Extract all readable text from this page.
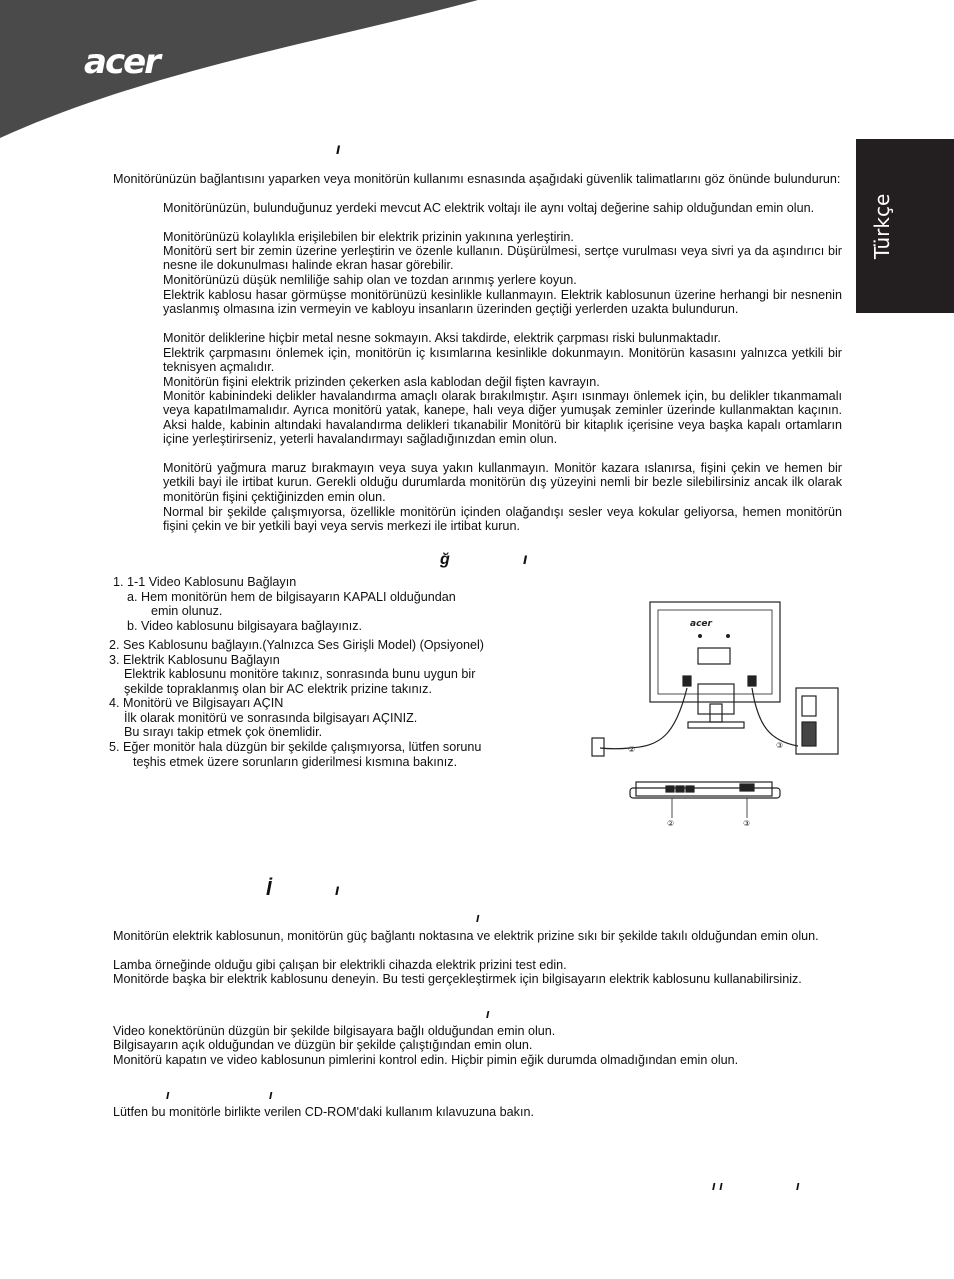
acer
ı
Türkçe

Monitörünüzün bağlantısını yaparken veya monitörün kullanımı esnasında aşağıdaki güvenlik talimatlarını göz önünde bulundurun:

Monitörünüzün, bulunduğunuz yerdeki mevcut AC elektrik voltajı ile aynı voltaj değerine sahip olduğundan emin olun.

Monitörünüzü kolaylıkla erişilebilen bir elektrik prizinin yakınına yerleştirin.

Monitörü sert bir zemin üzerine yerleştirin ve özenle kullanın. Düşürülmesi, sertçe vurulması veya sivri ya da aşındırıcı bir nesne ile dokunulması halinde ekran hasar görebilir.

Monitörünüzü düşük nemliliğe sahip olan ve tozdan arınmış yerlere koyun.

Elektrik kablosu hasar görmüşse monitörünüzü kesinlikle kullanmayın. Elektrik kablosunun üzerine herhangi bir nesnenin yaslanmış olmasına izin vermeyin ve kabloyu insanların üzerinden geçtiği yerlerden uzakta bulundurun.

Monitör deliklerine hiçbir metal nesne sokmayın. Aksi takdirde, elektrik çarpması riski bulunmaktadır.

Elektrik çarpmasını önlemek için, monitörün iç kısımlarına kesinlikle dokunmayın. Monitörün kasasını yalnızca yetkili bir teknisyen açmalıdır.

Monitörün fişini elektrik prizinden çekerken asla kablodan değil fişten kavrayın.

Monitör kabinindeki delikler havalandırma amaçlı olarak bırakılmıştır. Aşırı ısınmayı önlemek için, bu delikler tıkanmamalı veya kapatılmamalıdır. Ayrıca monitörü yatak, kanepe, halı veya diğer yumuşak zeminler üzerinde kullanmaktan kaçının. Aksi halde, kabinin altındaki havalandırma delikleri tıkanabilir Monitörü bir kitaplık içerisine veya başka kapalı ortamların içine yerleştirirseniz, yeterli havalandırmayı sağladığınızdan emin olun.

Monitörü yağmura maruz bırakmayın veya suya yakın kullanmayın. Monitör kazara ıslanırsa, fişini çekin ve hemen bir yetkili bayi ile irtibat kurun. Gerekli olduğu durumlarda monitörün dış yüzeyini nemli bir bezle silebilirsiniz ancak ilk olarak monitörün fişini çektiğinizden emin olun.

Normal bir şekilde çalışmıyorsa, özellikle monitörün içinden olağandışı sesler veya kokular geliyorsa, hemen monitörün fişini çekin ve bir yetkili bayi veya servis merkezi ile irtibat kurun.

ğ	ı
1. 1-1 Video Kablosunu Bağlayın
a. Hem monitörün hem de bilgisayarın KAPALI olduğundan
emin olunuz.
b. Video kablosunu bilgisayara bağlayınız.
2. Ses Kablosunu bağlayın.(Yalnızca Ses Girişli Model) (Opsiyonel)
3. Elektrik Kablosunu Bağlayın
Elektrik kablosunu monitöre takınız, sonrasında bunu uygun bir
şekilde topraklanmış olan bir AC elektrik prizine takınız.
4. Monitörü ve Bilgisayarı AÇIN
İlk olarak monitörü ve sonrasında bilgisayarı AÇINIZ.
Bu sırayı takip etmek çok önemlidir.
5. Eğer monitör hala düzgün bir şekilde çalışmıyorsa, lütfen sorunu
teşhis etmek üzere sorunların giderilmesi kısmına bakınız.
acer
②	③
②	③
İ	ı
ı

Monitörün elektrik kablosunun, monitörün güç bağlantı noktasına ve elektrik prizine sıkı bir şekilde takılı olduğundan emin olun.

Lamba örneğinde olduğu gibi çalışan bir elektrikli cihazda elektrik prizini test edin.

Monitörde başka bir elektrik kablosunu deneyin. Bu testi gerçekleştirmek için bilgisayarın elektrik kablosunu kullanabilirsiniz.

ı

Video konektörünün düzgün bir şekilde bilgisayara bağlı olduğundan emin olun.

Bilgisayarın açık olduğundan ve düzgün bir şekilde çalıştığından emin olun.

Monitörü kapatın ve video kablosunun pimlerini kontrol edin. Hiçbir pimin eğik durumda olmadığından emin olun.

ı	ı

Lütfen bu monitörle birlikte verilen CD-ROM'daki kullanım kılavuzuna bakın.

ı ı	ı
